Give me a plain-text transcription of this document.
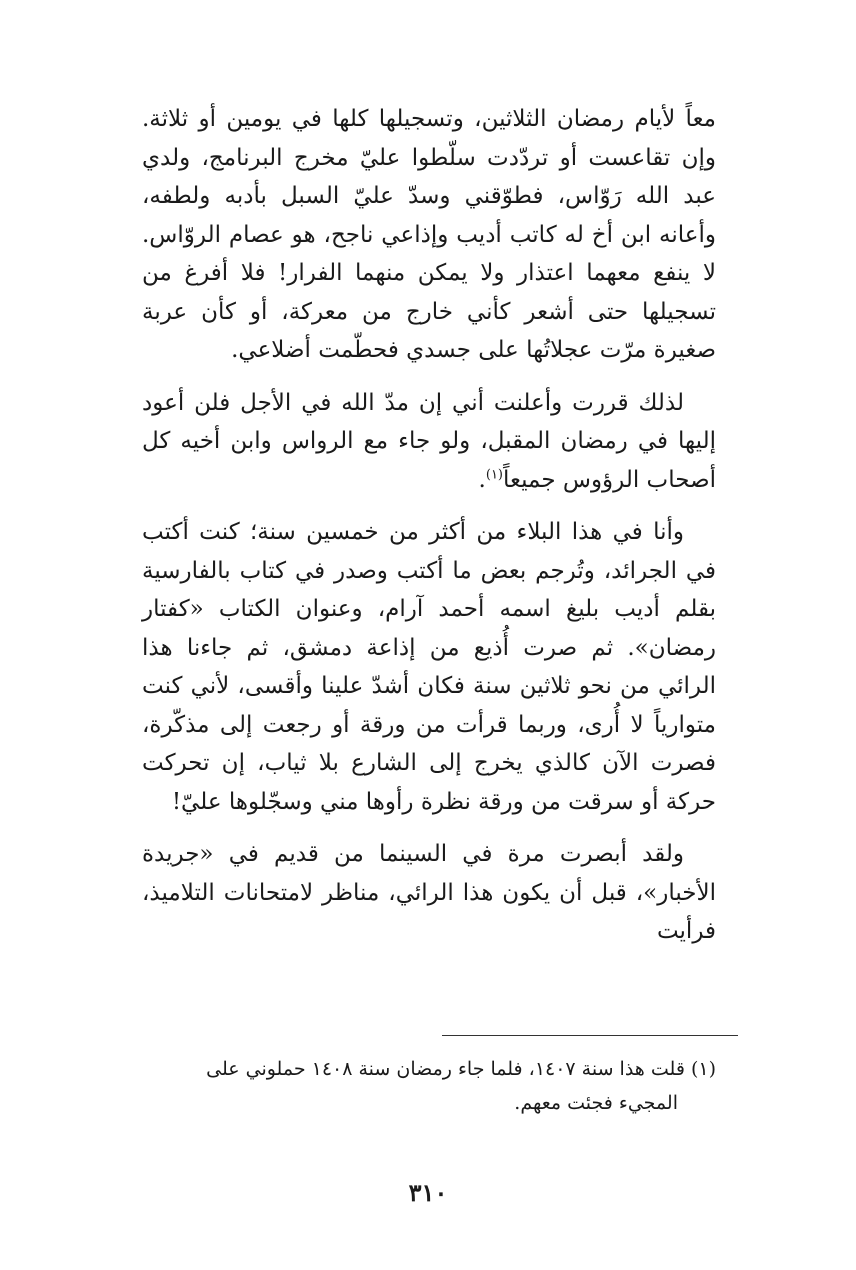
معاً لأيام رمضان الثلاثين، وتسجيلها كلها في يومين أو ثلاثة. وإن تقاعست أو تردّدت سلّطوا عليّ مخرج البرنامج، ولدي عبد الله رَوّاس، فطوّقني وسدّ عليّ السبل بأدبه ولطفه، وأعانه ابن أخ له كاتب أديب وإذاعي ناجح، هو عصام الروّاس. لا ينفع معهما اعتذار ولا يمكن منهما الفرار! فلا أفرغ من تسجيلها حتى أشعر كأني خارج من معركة، أو كأن عربة صغيرة مرّت عجلاتُها على جسدي فحطّمت أضلاعي.

لذلك قررت وأعلنت أني إن مدّ الله في الأجل فلن أعود إليها في رمضان المقبل، ولو جاء مع الرواس وابن أخيه كل أصحاب الرؤوس جميعاً$^{(١)}$.

وأنا في هذا البلاء من أكثر من خمسين سنة؛ كنت أكتب في الجرائد، وتُرجم بعض ما أكتب وصدر في كتاب بالفارسية بقلم أديب بليغ اسمه أحمد آرام، وعنوان الكتاب «كفتار رمضان». ثم صرت أُذيع من إذاعة دمشق، ثم جاءنا هذا الرائي من نحو ثلاثين سنة فكان أشدّ علينا وأقسى، لأني كنت متوارياً لا أُرى، وربما قرأت من ورقة أو رجعت إلى مذكّرة، فصرت الآن كالذي يخرج إلى الشارع بلا ثياب، إن تحركت حركة أو سرقت من ورقة نظرة رأوها مني وسجّلوها عليّ!

ولقد أبصرت مرة في السينما من قديم في «جريدة الأخبار»، قبل أن يكون هذا الرائي، مناظر لامتحانات التلاميذ، فرأيت

(١) قلت هذا سنة ١٤٠٧، فلما جاء رمضان سنة ١٤٠٨ حملوني على
المجيء فجئت معهم.
٣١٠
